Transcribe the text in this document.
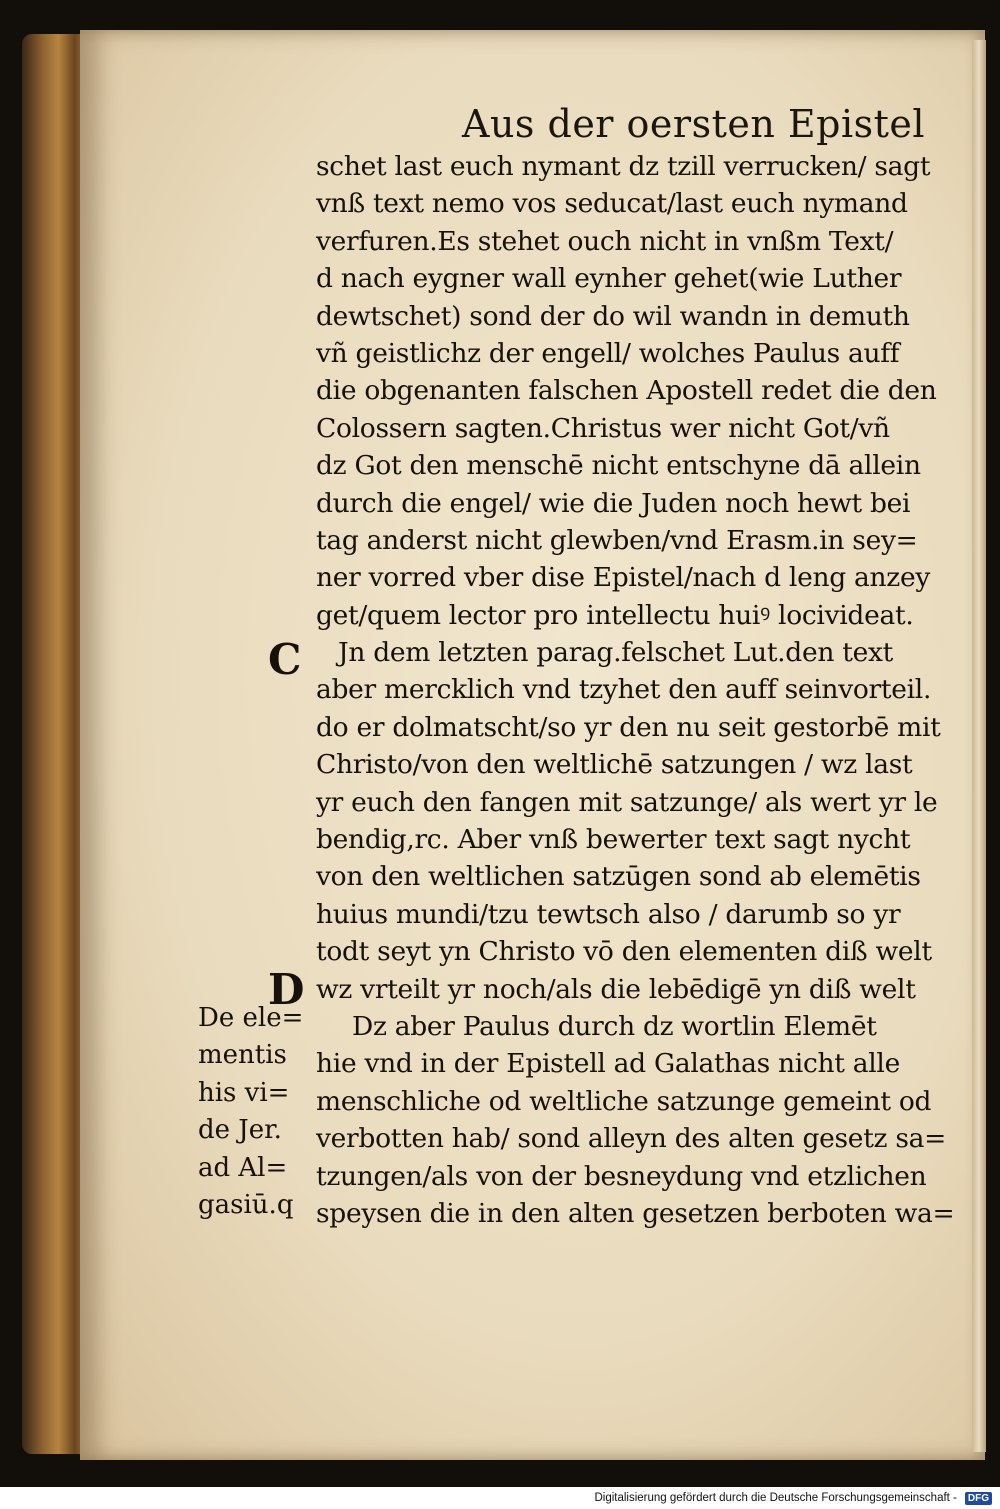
Aus der oersten Epistel
schet last euch nymant dz tzill verrucken/ sagt
vnß text nemo vos seducat/last euch nymand
verfuren.Es stehet ouch nicht in vnßm Text/
d nach eygner wall eynher gehet(wie Luther
dewtschet) sond der do wil wandn in demuth
vñ geistlichz der engell/ wolches Paulus auff
die obgenanten falschen Apostell redet die den
Colossern sagten.Christus wer nicht Got/vñ
dz Got den menschē nicht entschyne dā allein
durch die engel/ wie die Juden noch hewt bei
tag anderst nicht glewben/vnd Erasm.in sey=
ner vorred vber dise Epistel/nach d leng anzey
get/quem lector pro intellectu huiꝰ locivideat.
Jn dem letzten parag.felschet Lut.den text
aber mercklich vnd tzyhet den auff seinvorteil.
do er dolmatscht/so yr den nu seit gestorbē mit
Christo/von den weltlichē satzungen / wz last
yr euch den fangen mit satzunge/ als wert yr le
bendig,rc. Aber vnß bewerter text sagt nycht
von den weltlichen satzūgen sond ab elemētis
huius mundi/tzu tewtsch also / darumb so yr
todt seyt yn Christo vō den elementen diß welt
wz vrteilt yr noch/als die lebēdigē yn diß welt
Dz aber Paulus durch dz wortlin Elemēt
hie vnd in der Epistell ad Galathas nicht alle
menschliche od weltliche satzunge gemeint od
verbotten hab/ sond alleyn des alten gesetz sa=
tzungen/als von der besneydung vnd etzlichen
speysen die in den alten gesetzen berboten wa=
C
D
De ele=
mentis
his vi=
de Jer.
ad Al=
gasiū.q
Digitalisierung gefördert durch die Deutsche Forschungsgemeinschaft -	DFG
